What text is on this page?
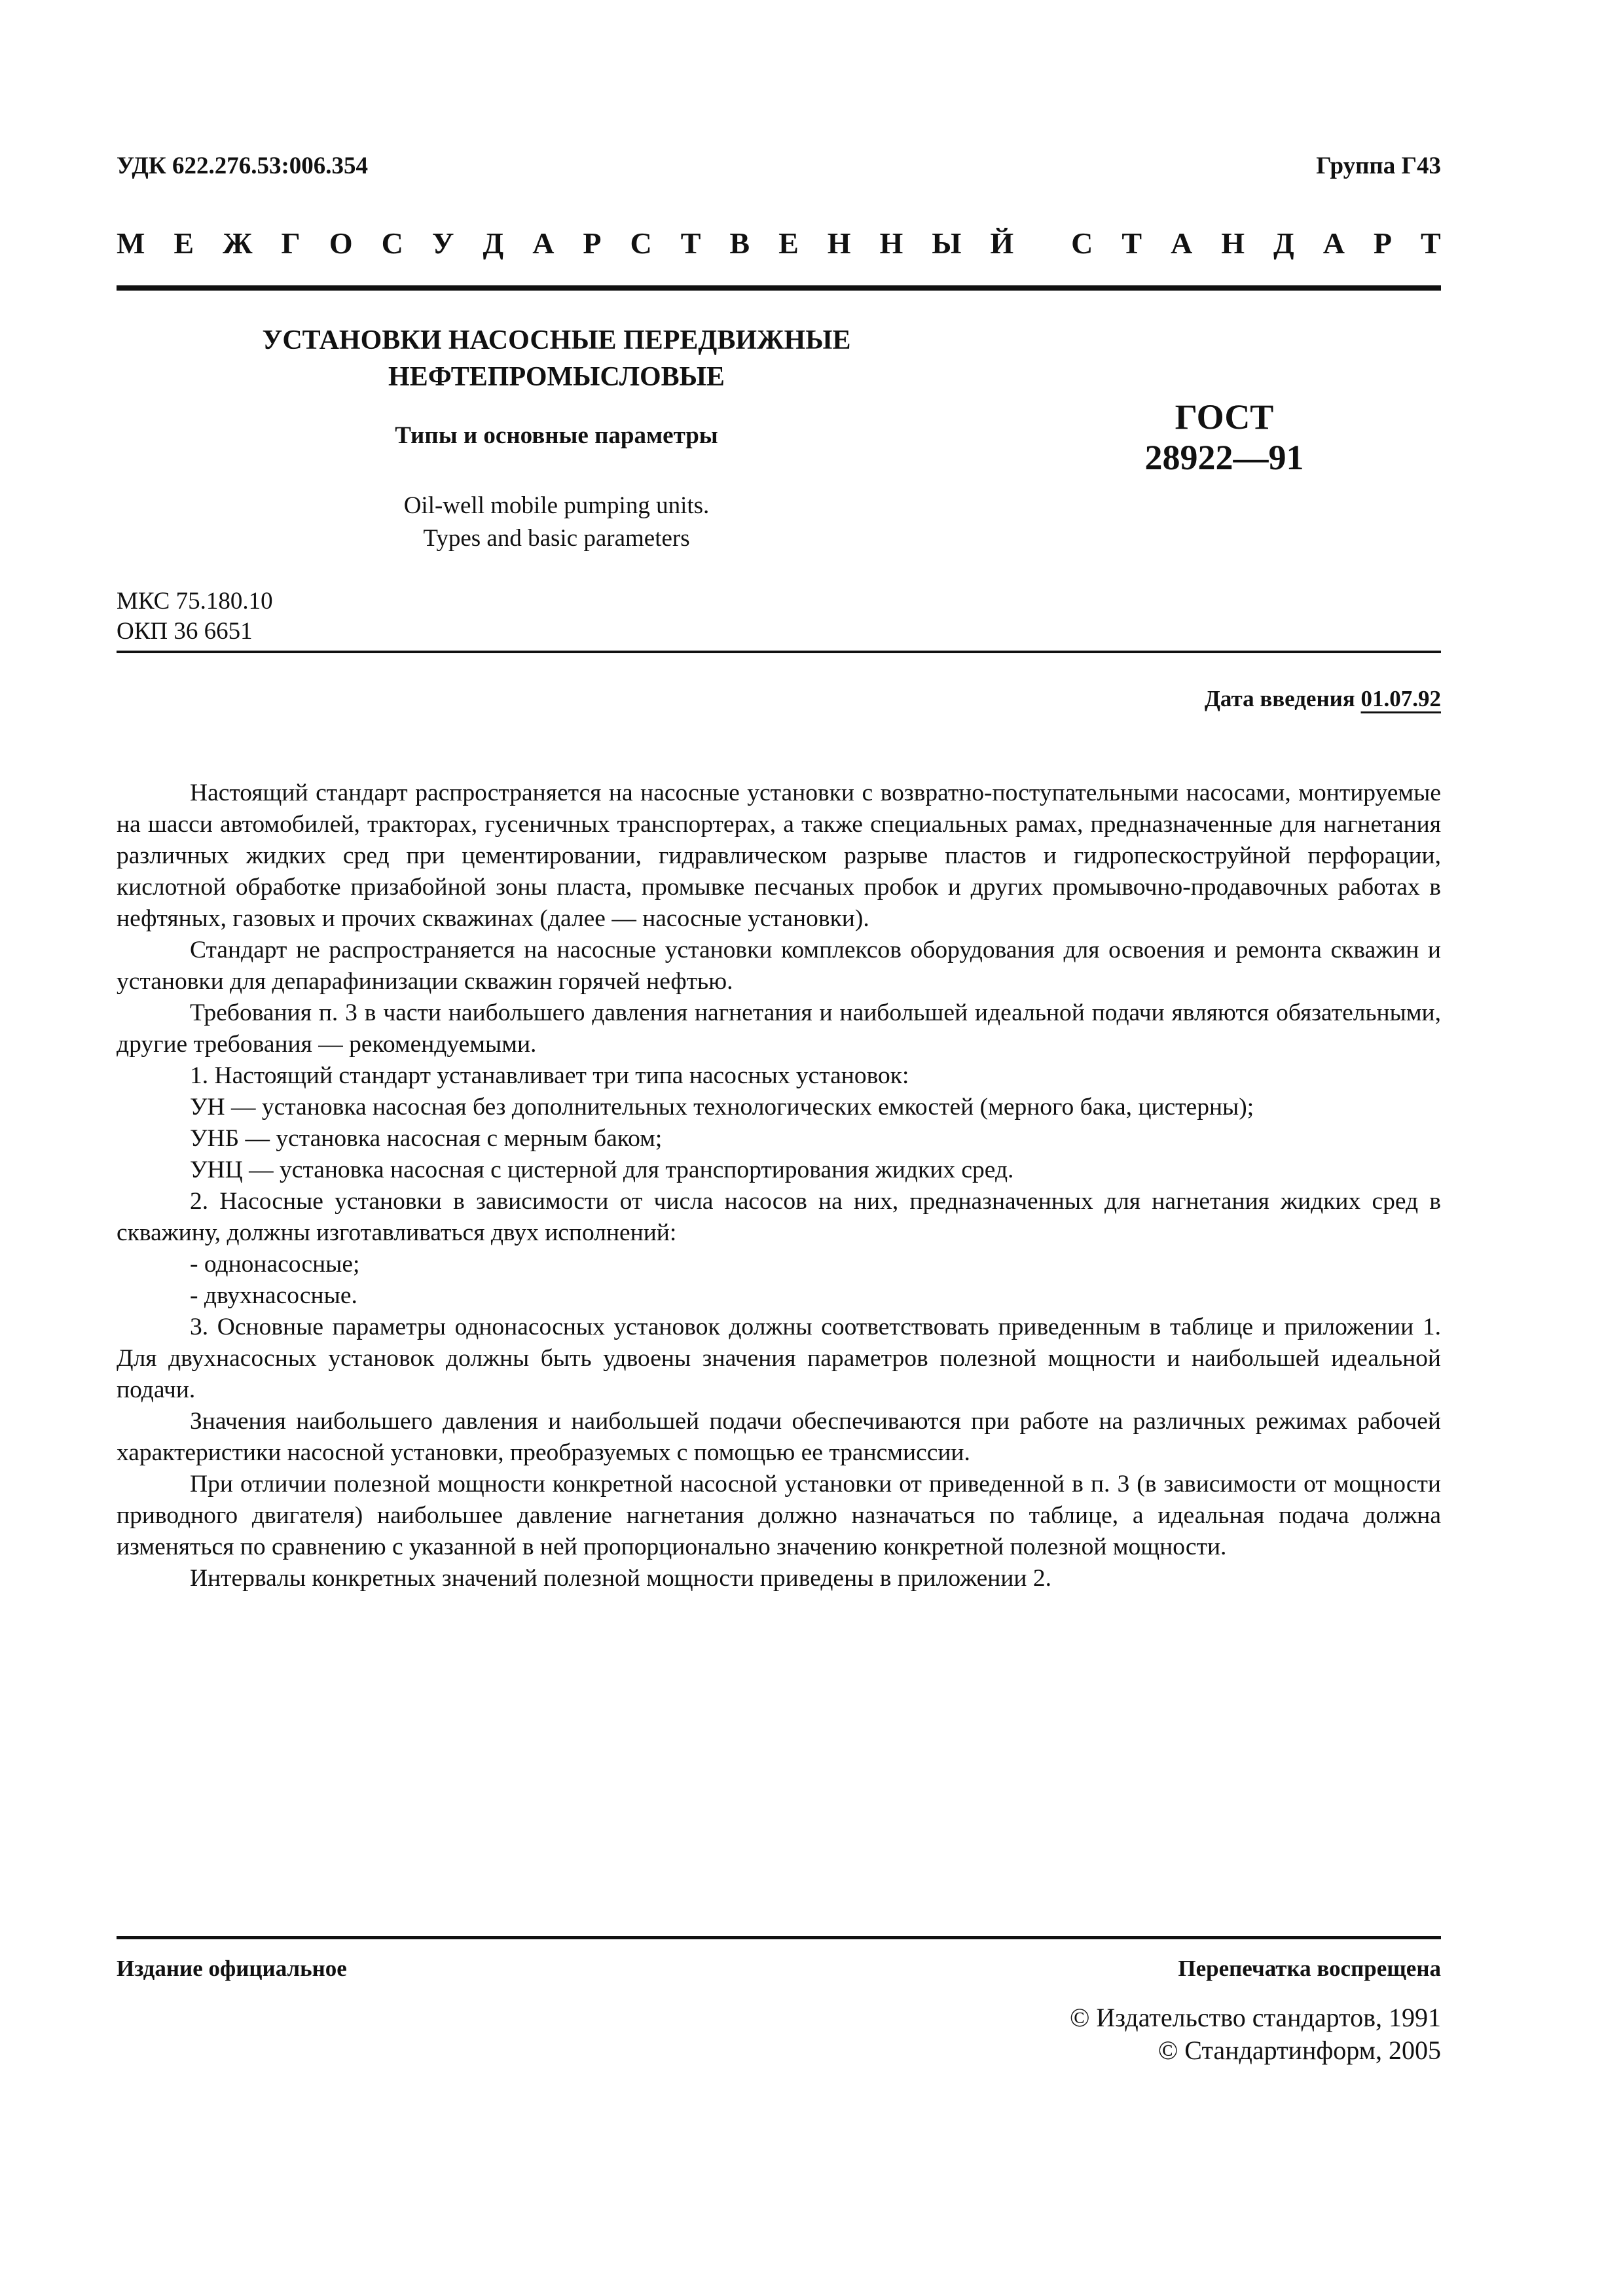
УДК 622.276.53:006.354	Группа Г43
М Е Ж Г О С У Д А Р С Т В Е Н Н Ы Й С Т А Н Д А Р Т
УСТАНОВКИ НАСОСНЫЕ ПЕРЕДВИЖНЫЕ
НЕФТЕПРОМЫСЛОВЫЕ
Типы и основные параметры
Oil-well mobile pumping units.
Types and basic parameters
ГОСТ
28922—91
МКС 75.180.10
ОКП 36 6651
Дата введения 01.07.92

Настоящий стандарт распространяется на насосные установки с возвратно-поступательными насосами, монтируемые на шасси автомобилей, тракторах, гусеничных транспортерах, а также специальных рамах, предназначенные для нагнетания различных жидких сред при цементировании, гидравлическом разрыве пластов и гидропескоструйной перфорации, кислотной обработке призабойной зоны пласта, промывке песчаных пробок и других промывочно-продавочных работах в нефтяных, газовых и прочих скважинах (далее — насосные установки).

Стандарт не распространяется на насосные установки комплексов оборудования для освоения и ремонта скважин и установки для депарафинизации скважин горячей нефтью.

Требования п. 3 в части наибольшего давления нагнетания и наибольшей идеальной подачи являются обязательными, другие требования — рекомендуемыми.

1. Настоящий стандарт устанавливает три типа насосных установок:

УН — установка насосная без дополнительных технологических емкостей (мерного бака, цистерны);

УНБ — установка насосная с мерным баком;

УНЦ — установка насосная с цистерной для транспортирования жидких сред.

2. Насосные установки в зависимости от числа насосов на них, предназначенных для нагнетания жидких сред в скважину, должны изготавливаться двух исполнений:

- однонасосные;

- двухнасосные.

3. Основные параметры однонасосных установок должны соответствовать приведенным в таблице и приложении 1. Для двухнасосных установок должны быть удвоены значения параметров полезной мощности и наибольшей идеальной подачи.

Значения наибольшего давления и наибольшей подачи обеспечиваются при работе на различных режимах рабочей характеристики насосной установки, преобразуемых с помощью ее трансмиссии.

При отличии полезной мощности конкретной насосной установки от приведенной в п. 3 (в зависимости от мощности приводного двигателя) наибольшее давление нагнетания должно назначаться по таблице, а идеальная подача должна изменяться по сравнению с указанной в ней пропорционально значению конкретной полезной мощности.

Интервалы конкретных значений полезной мощности приведены в приложении 2.

Издание официальное	Перепечатка воспрещена
© Издательство стандартов, 1991
© Стандартинформ, 2005
